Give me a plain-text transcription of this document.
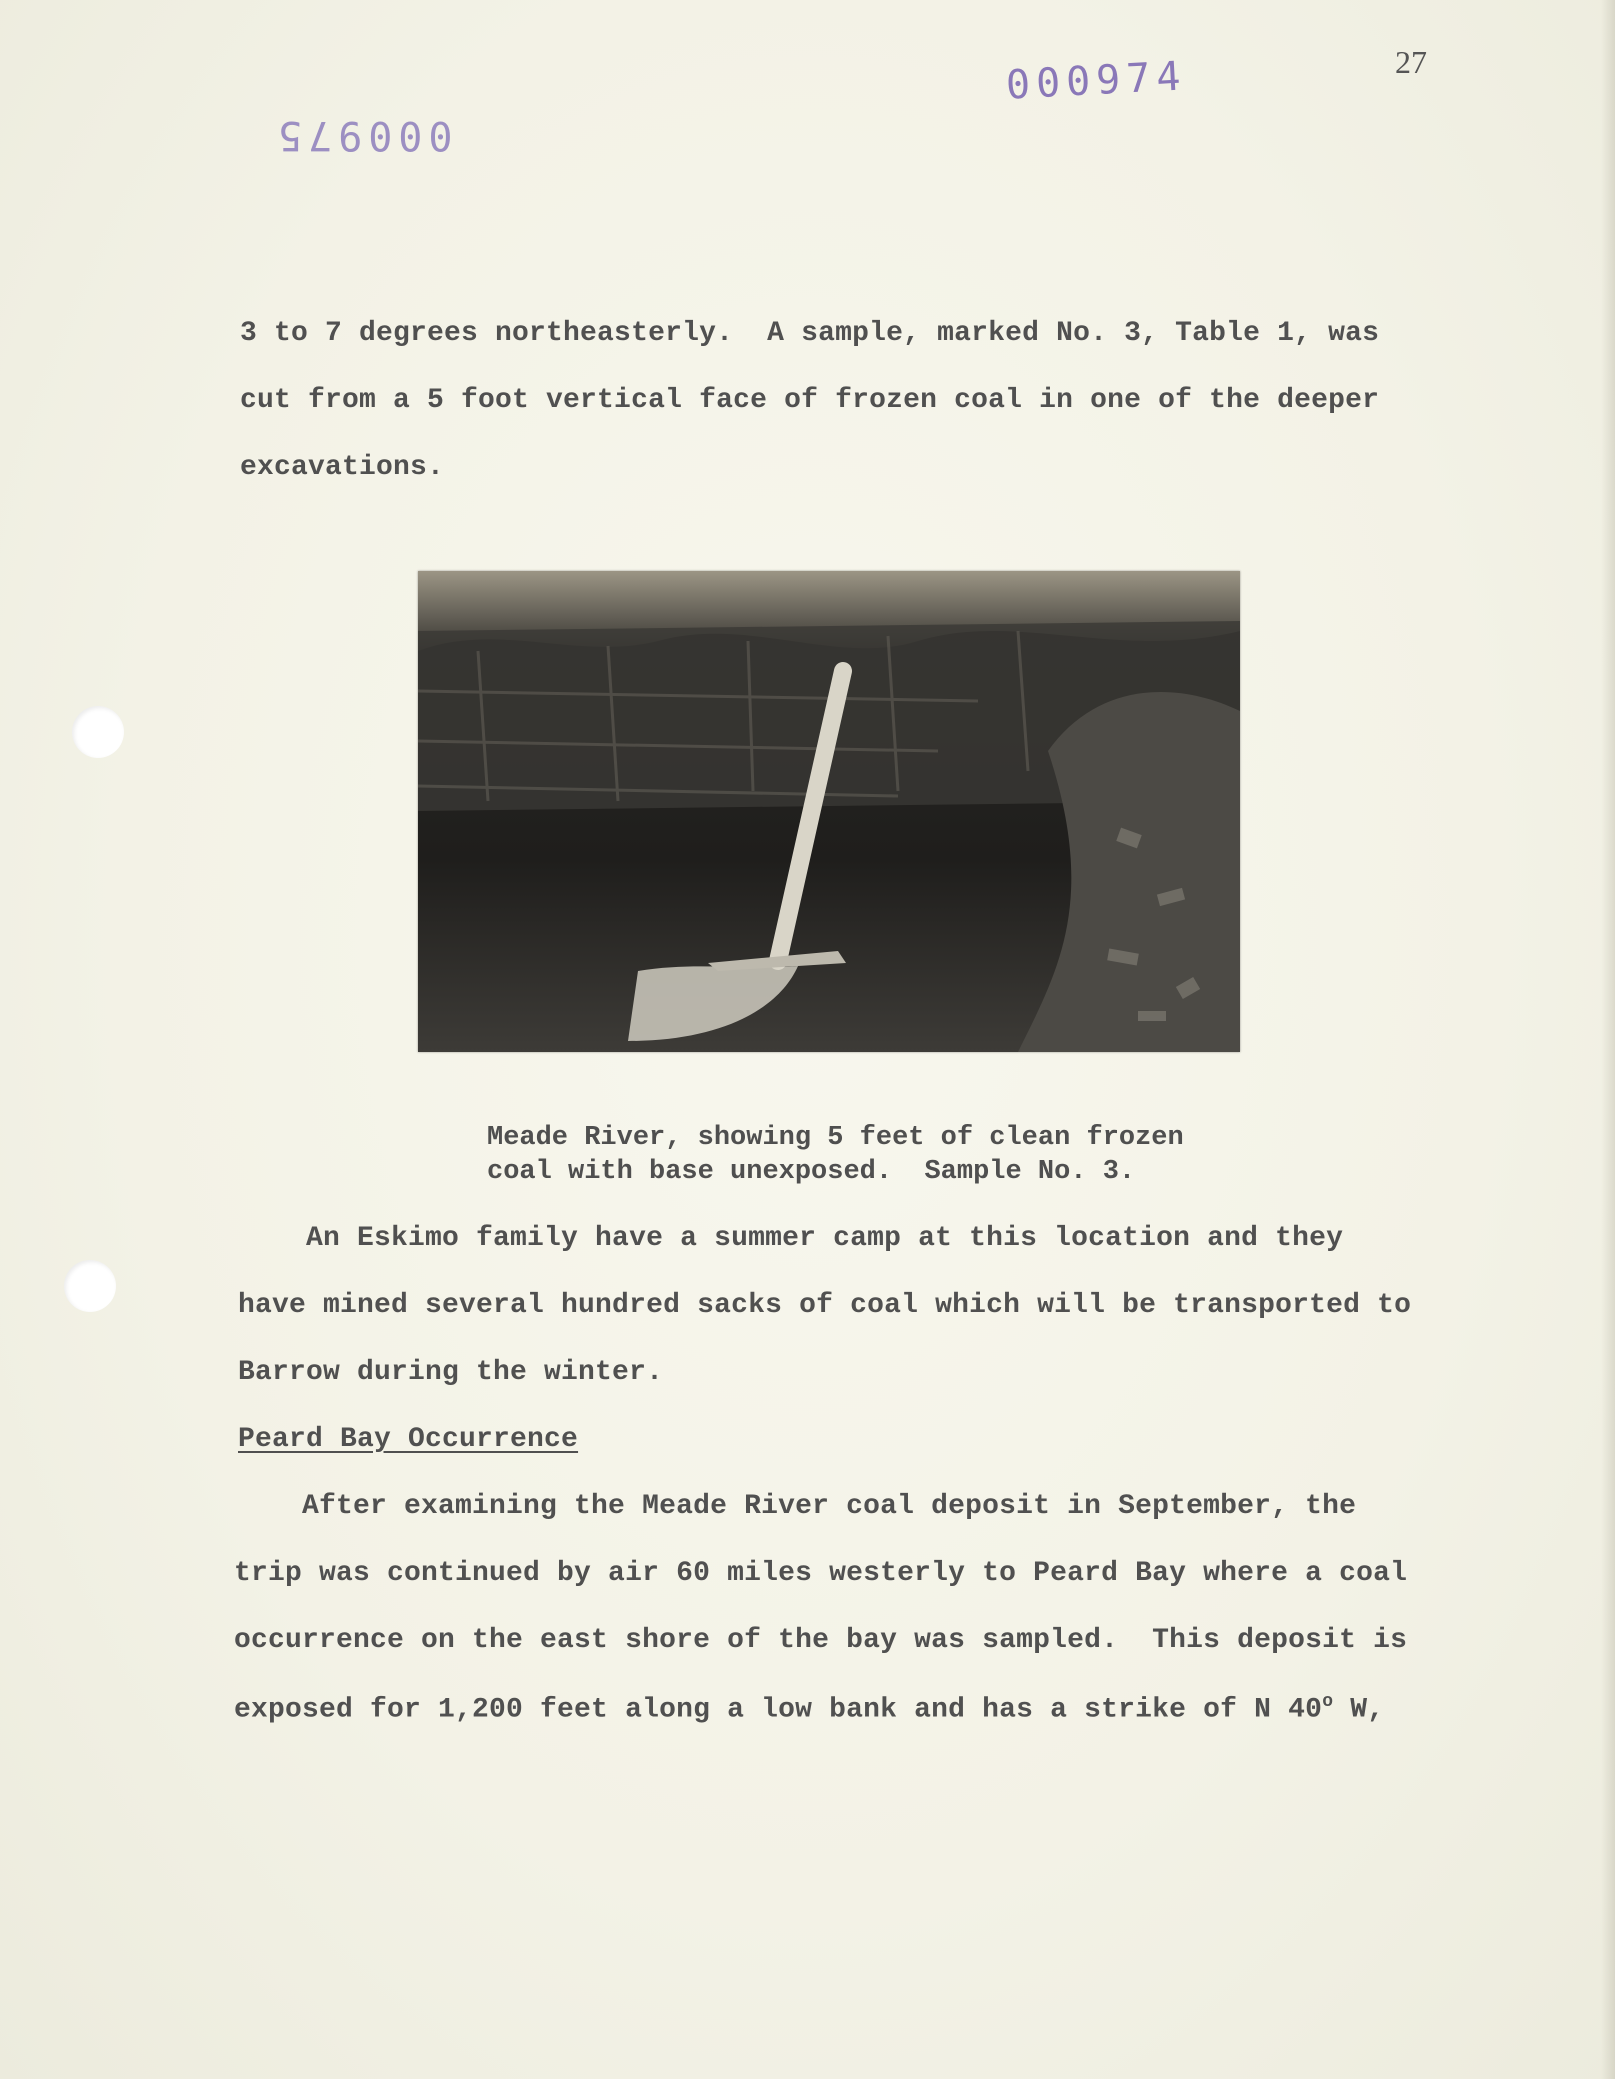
000975
000974	27
3 to 7 degrees northeasterly.  A sample, marked No. 3, Table 1, was
cut from a 5 foot vertical face of frozen coal in one of the deeper
excavations.
Meade River, showing 5 feet of clean frozen
coal with base unexposed.  Sample No. 3.
An Eskimo family have a summer camp at this location and they
have mined several hundred sacks of coal which will be transported to
Barrow during the winter.
Peard Bay Occurrence
After examining the Meade River coal deposit in September, the
trip was continued by air 60 miles westerly to Peard Bay where a coal
occurrence on the east shore of the bay was sampled.  This deposit is
exposed for 1,200 feet along a low bank and has a strike of N 40$^o$ W,
